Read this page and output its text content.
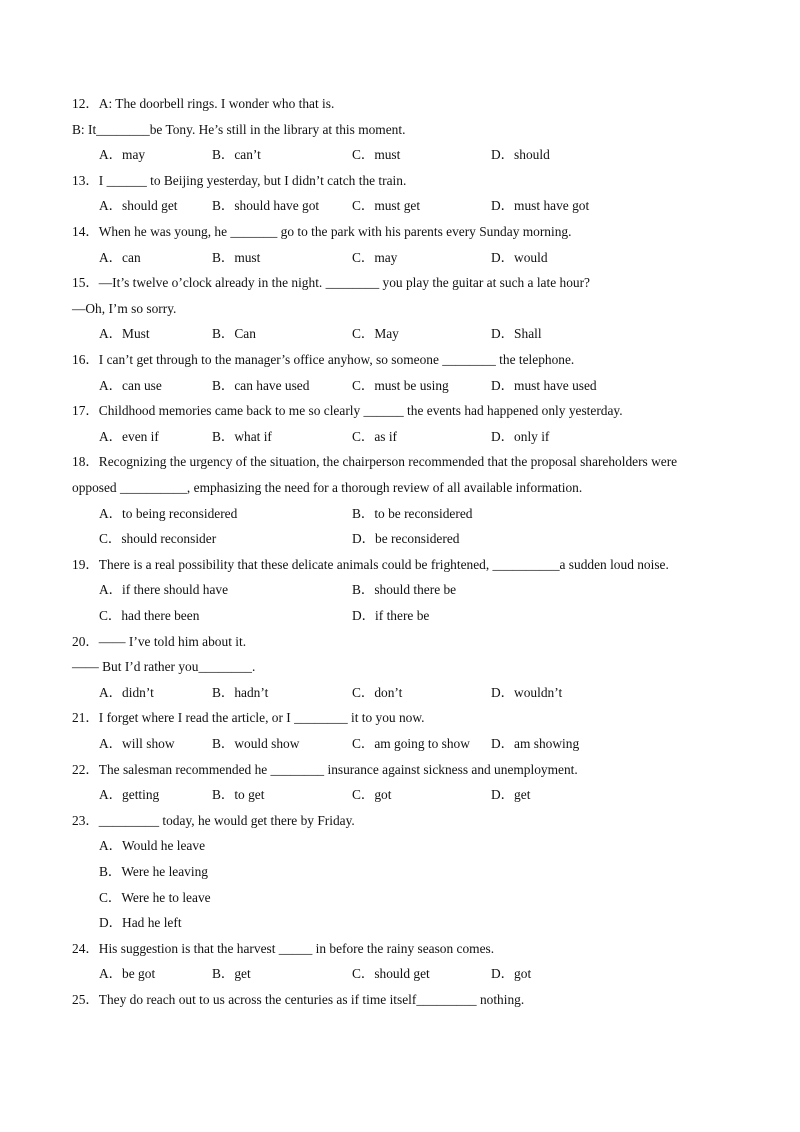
12．A: The doorbell rings. I wonder who that is.
B: It________be Tony. He’s still in the library at this moment.
A．may	B．can’t	C．must	D．should
13．I ______ to Beijing yesterday, but I didn’t catch the train.
A．should get	B．should have got C．must get	D．must have got
14．When he was young, he _______ go to the park with his parents every Sunday morning.
A．can	B．must	C．may	D．would
15．—It’s twelve o’clock already in the night. ________ you play the guitar at such a late hour?
—Oh, I’m so sorry.
A．Must	B．Can	C．May	D．Shall
16．I can’t get through to the manager’s office anyhow, so someone ________ the telephone.
A．can use	B．can have used	C．must be using	D．must have used
17．Childhood memories came back to me so clearly ______ the events had happened only yesterday.
A．even if	B．what if	C．as if	D．only if
18．Recognizing the urgency of the situation, the chairperson recommended that the proposal shareholders were
opposed __________, emphasizing the need for a thorough review of all available information.
A．to being reconsidered	B．to be reconsidered
C．should reconsider	D．be reconsidered
19．There is a real possibility that these delicate animals could be frightened, __________a sudden loud noise.
A．if there should have	B．should there be
C．had there been	D．if there be
20．—— I’ve told him about it.
—— But I’d rather you________.
A．didn’t	B．hadn’t	C．don’t	D．wouldn’t
21．I forget where I read the article, or I ________ it to you now.
A．will show	B．would show	C．am going to show D．am showing
22．The salesman recommended he ________ insurance against sickness and unemployment.
A．getting	B．to get	C．got	D．get
23．_________ today, he would get there by Friday.
A．Would he leave
B．Were he leaving
C．Were he to leave
D．Had he left
24．His suggestion is that the harvest _____ in before the rainy season comes.
A．be got	B．get	C．should get	D．got
25．They do reach out to us across the centuries as if time itself_________ nothing.
